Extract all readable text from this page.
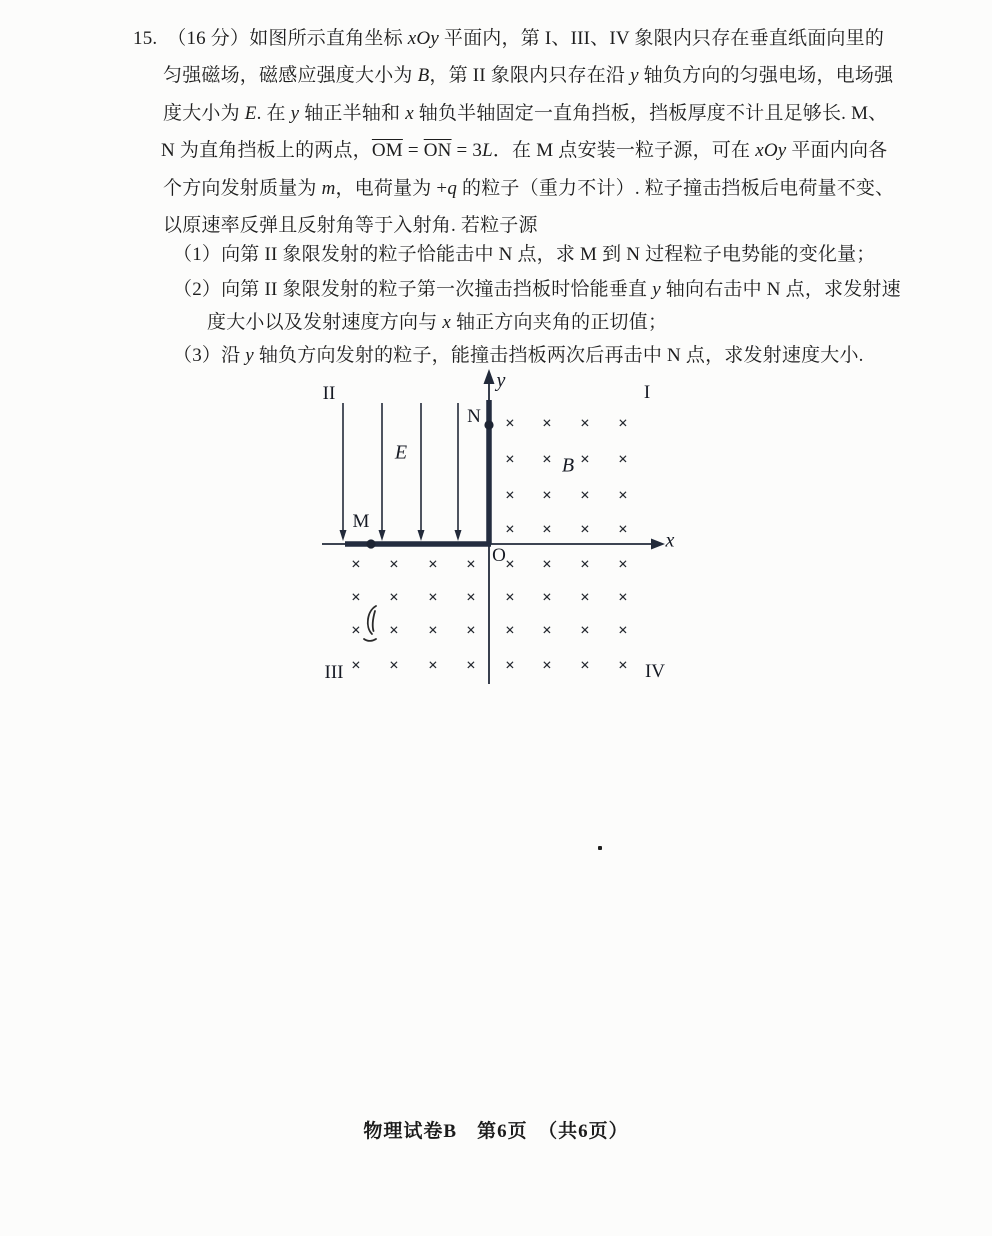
15.  （16 分）如图所示直角坐标 xOy 平面内，第 I、III、IV 象限内只存在垂直纸面向里的
匀强磁场，磁感应强度大小为 B，第 II 象限内只存在沿 y 轴负方向的匀强电场，电场强
度大小为 E. 在 y 轴正半轴和 x 轴负半轴固定一直角挡板，挡板厚度不计且足够长. M、
N 为直角挡板上的两点，$\overline{OM} = \overline{ON} = 3L$．在 M 点安装一粒子源，可在 xOy 平面内向各
个方向发射质量为 m，电荷量为 +q 的粒子（重力不计）. 粒子撞击挡板后电荷量不变、
以原速率反弹且反射角等于入射角. 若粒子源
（1）向第 II 象限发射的粒子恰能击中 N 点，求 M 到 N 过程粒子电势能的变化量；
（2）向第 II 象限发射的粒子第一次撞击挡板时恰能垂直 y 轴向右击中 N 点，求发射速
度大小以及发射速度方向与 x 轴正方向夹角的正切值；
（3）沿 y 轴负方向发射的粒子，能撞击挡板两次后再击中 N 点，求发射速度大小.
y
x
O
II	I
III	IV
E
B
N
M
× × × ×
× × × ×
× × × ×
× × × ×
× × × ×
× × × ×
× × × ×
× × × ×
× × × ×
× × × ×
× × × ×
× × × ×
物理试卷B　第6页　（共6页）
